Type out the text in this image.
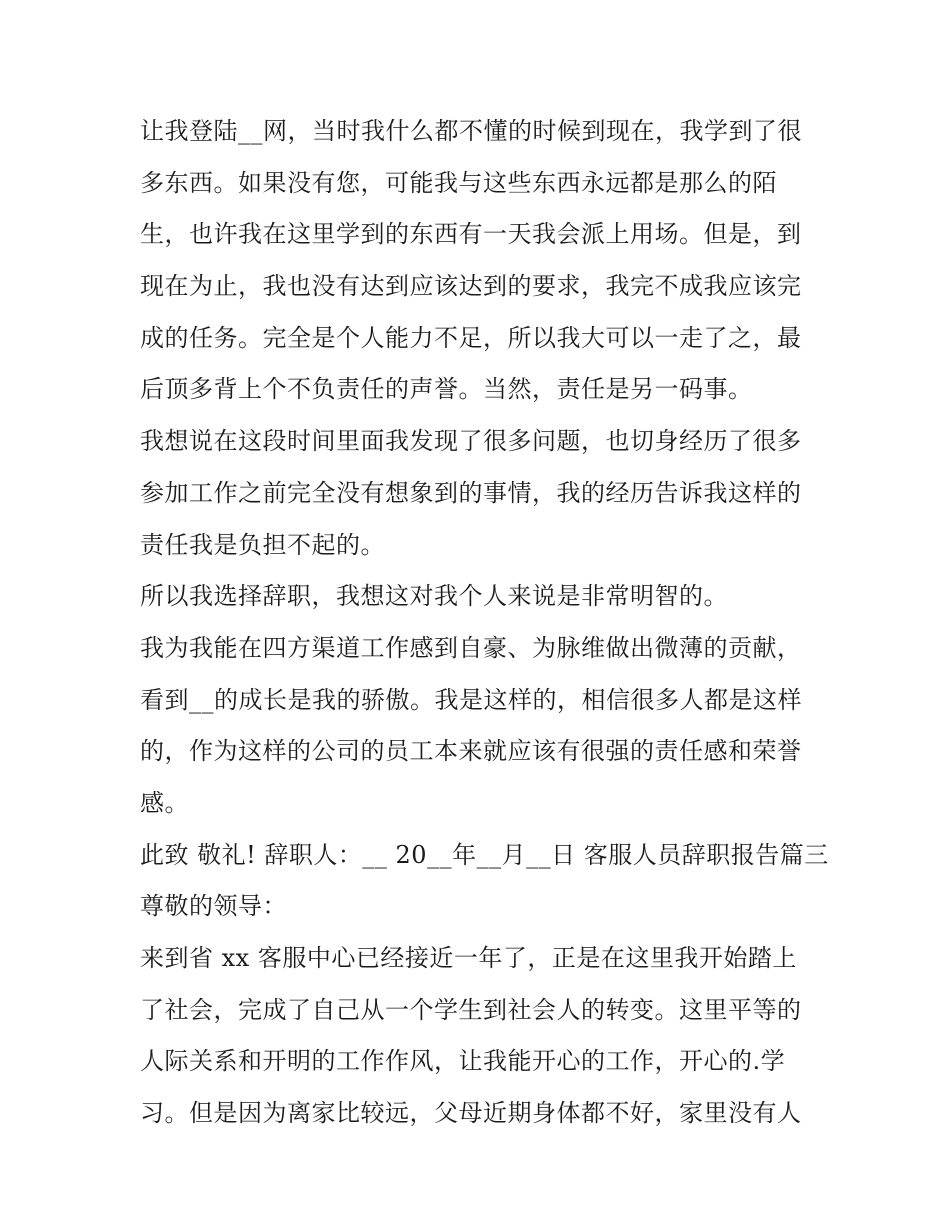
让我登陆__网，当时我什么都不懂的时候到现在，我学到了很
多东西。如果没有您，可能我与这些东西永远都是那么的陌
生，也许我在这里学到的东西有一天我会派上用场。但是，到
现在为止，我也没有达到应该达到的要求，我完不成我应该完
成的任务。完全是个人能力不足，所以我大可以一走了之，最
后顶多背上个不负责任的声誉。当然，责任是另一码事。
我想说在这段时间里面我发现了很多问题，也切身经历了很多
参加工作之前完全没有想象到的事情，我的经历告诉我这样的
责任我是负担不起的。
所以我选择辞职，我想这对我个人来说是非常明智的。
我为我能在四方渠道工作感到自豪、为脉维做出微薄的贡献，
看到__的成长是我的骄傲。我是这样的，相信很多人都是这样
的，作为这样的公司的员工本来就应该有很强的责任感和荣誉
感。
此致 敬礼! 辞职人：__ 20__年__月__日 客服人员辞职报告篇三
尊敬的领导：
来到省 xx 客服中心已经接近一年了，正是在这里我开始踏上
了社会，完成了自己从一个学生到社会人的转变。这里平等的
人际关系和开明的工作作风，让我能开心的工作，开心的.学
习。但是因为离家比较远，父母近期身体都不好，家里没有人
